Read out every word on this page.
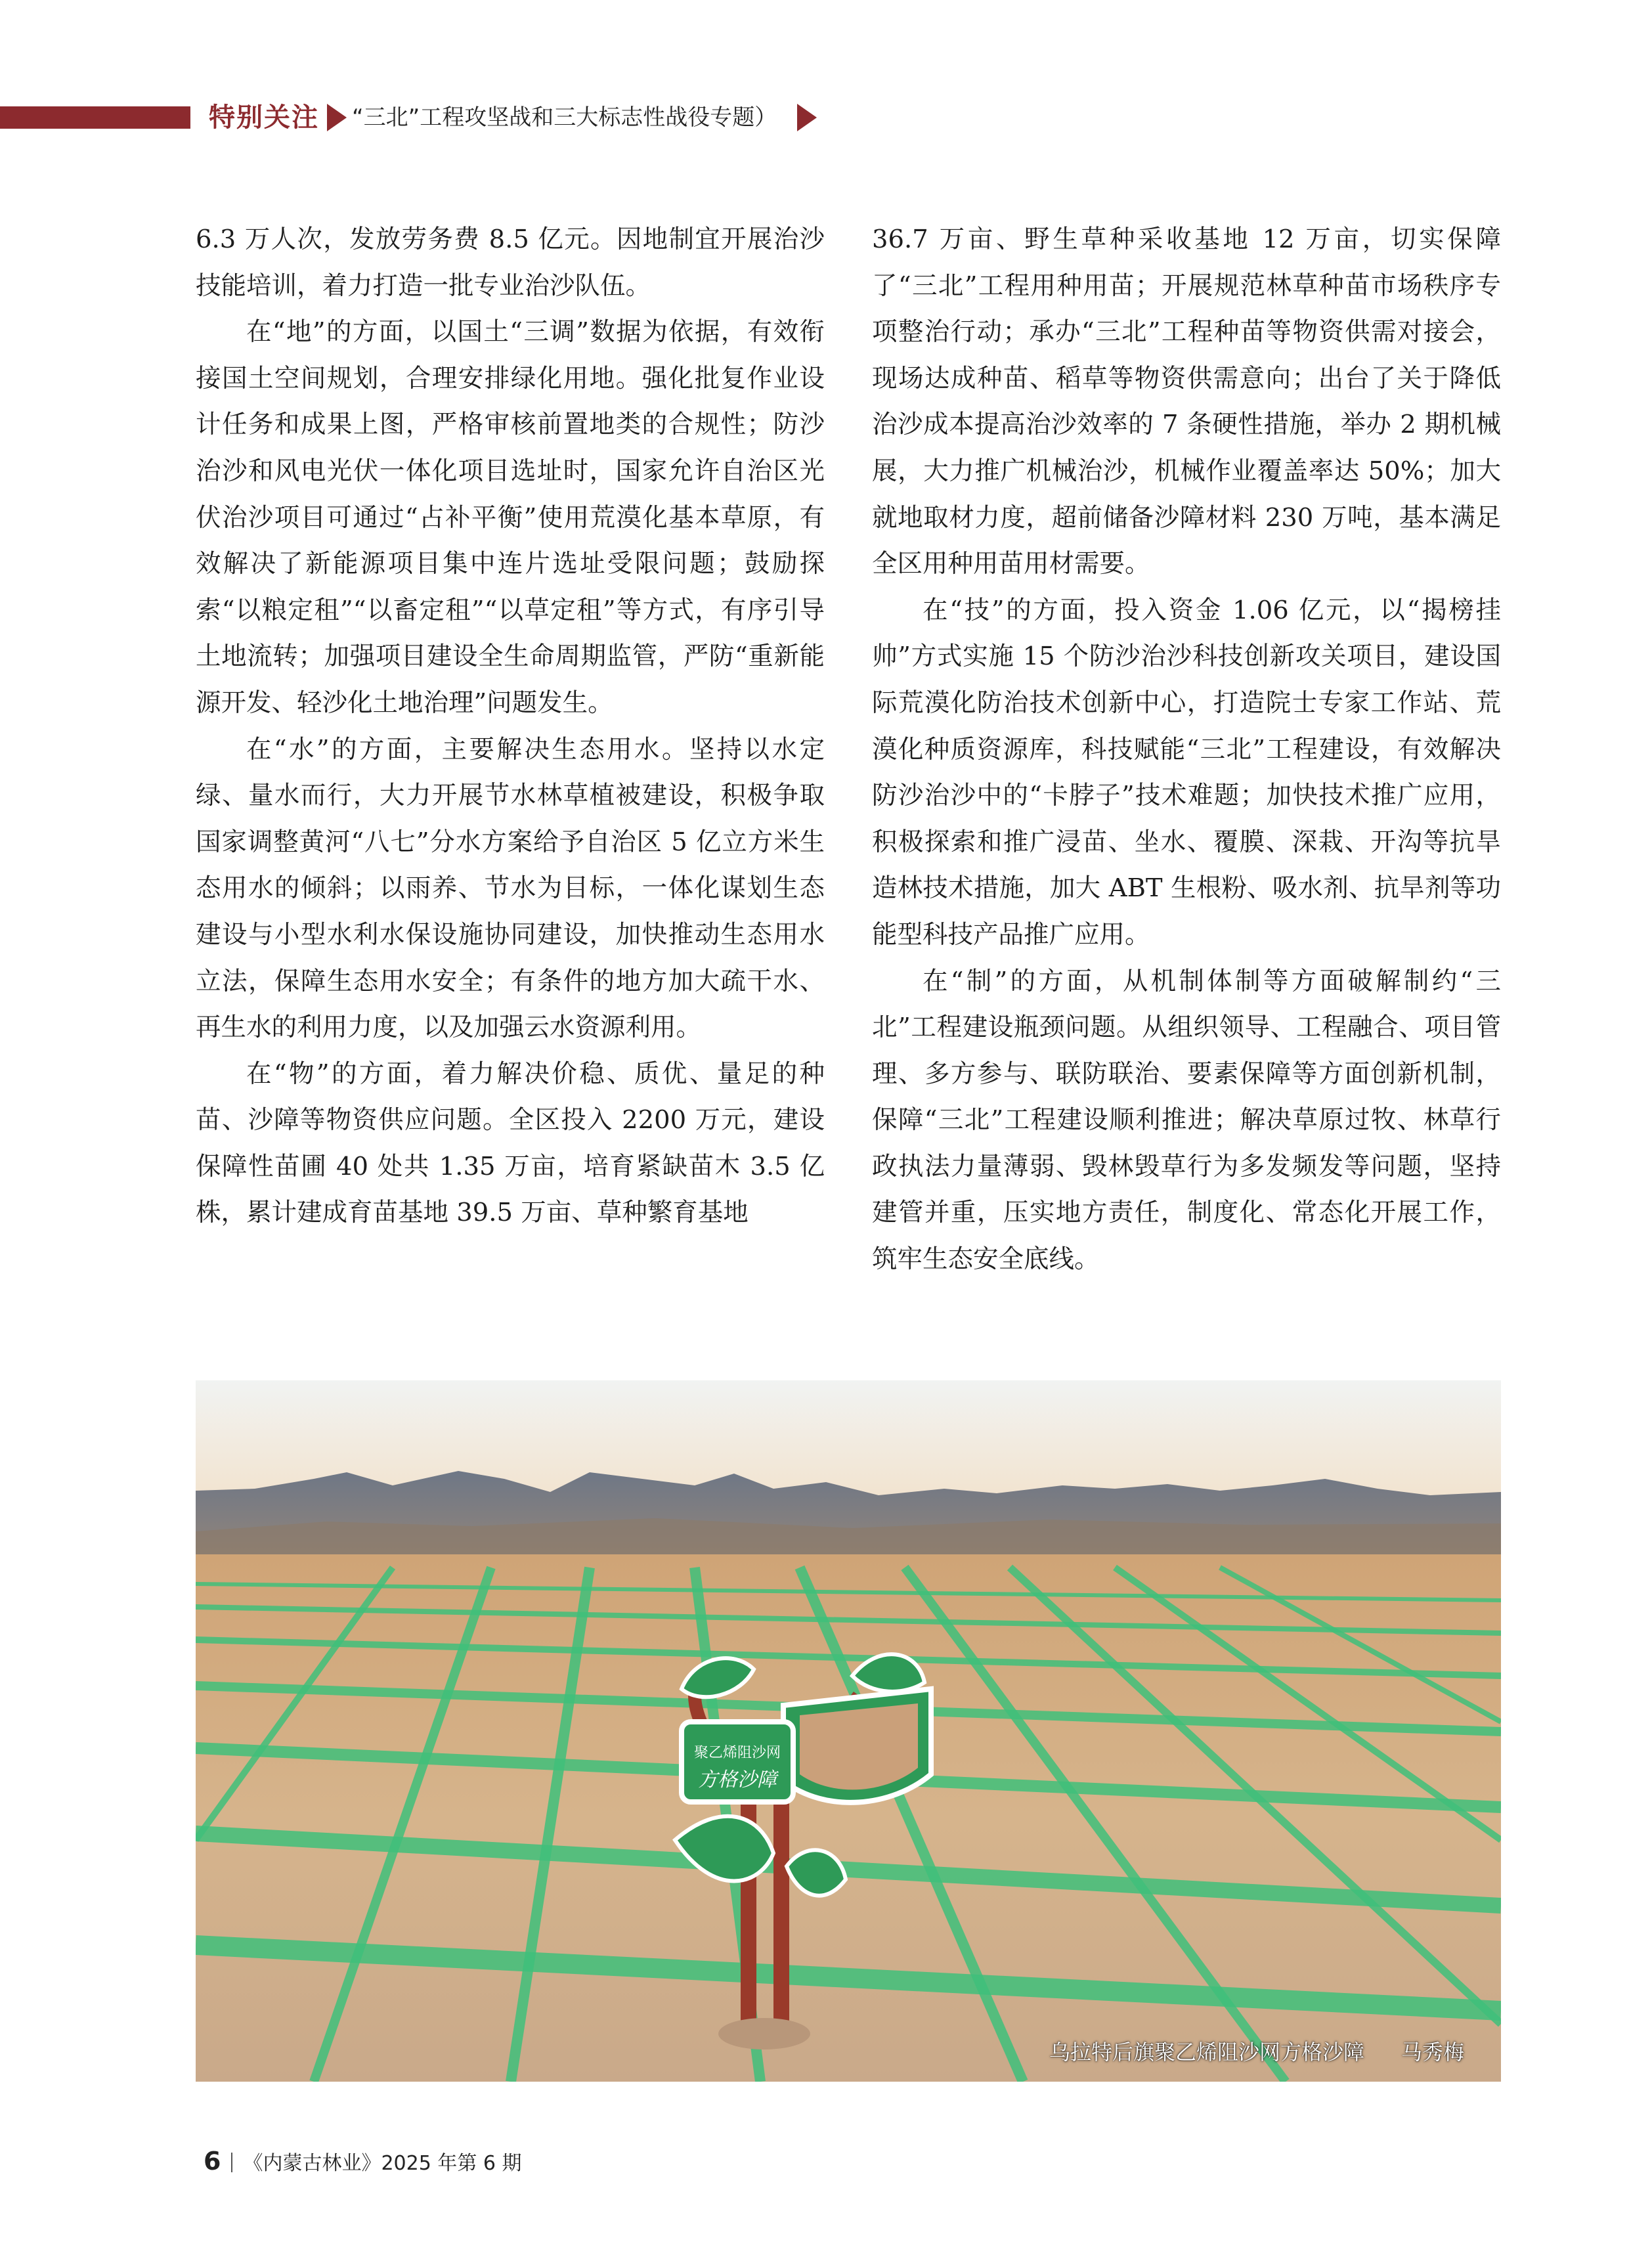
特别关注 “三北”工程攻坚战和三大标志性战役专题）

6.3 万人次，发放劳务费 8.5 亿元。因地制宜开展治沙技能培训，着力打造一批专业治沙队伍。

在“地”的方面，以国土“三调”数据为依据，有效衔接国土空间规划，合理安排绿化用地。强化批复作业设计任务和成果上图，严格审核前置地类的合规性；防沙治沙和风电光伏一体化项目选址时，国家允许自治区光伏治沙项目可通过“占补平衡”使用荒漠化基本草原，有效解决了新能源项目集中连片选址受限问题；鼓励探索“以粮定租”“以畜定租”“以草定租”等方式，有序引导土地流转；加强项目建设全生命周期监管，严防“重新能源开发、轻沙化土地治理”问题发生。

在“水”的方面，主要解决生态用水。坚持以水定绿、量水而行，大力开展节水林草植被建设，积极争取国家调整黄河“八七”分水方案给予自治区 5 亿立方米生态用水的倾斜；以雨养、节水为目标，一体化谋划生态建设与小型水利水保设施协同建设，加快推动生态用水立法，保障生态用水安全；有条件的地方加大疏干水、再生水的利用力度，以及加强云水资源利用。

在“物”的方面，着力解决价稳、质优、量足的种苗、沙障等物资供应问题。全区投入 2200 万元，建设保障性苗圃 40 处共 1.35 万亩，培育紧缺苗木 3.5 亿株，累计建成育苗基地 39.5 万亩、草种繁育基地

36.7 万亩、野生草种采收基地 12 万亩，切实保障了“三北”工程用种用苗；开展规范林草种苗市场秩序专项整治行动；承办“三北”工程种苗等物资供需对接会，现场达成种苗、稻草等物资供需意向；出台了关于降低治沙成本提高治沙效率的 7 条硬性措施，举办 2 期机械展，大力推广机械治沙，机械作业覆盖率达 50%；加大就地取材力度，超前储备沙障材料 230 万吨，基本满足全区用种用苗用材需要。

在“技”的方面，投入资金 1.06 亿元，以“揭榜挂帅”方式实施 15 个防沙治沙科技创新攻关项目，建设国际荒漠化防治技术创新中心，打造院士专家工作站、荒漠化种质资源库，科技赋能“三北”工程建设，有效解决防沙治沙中的“卡脖子”技术难题；加快技术推广应用，积极探索和推广浸苗、坐水、覆膜、深栽、开沟等抗旱造林技术措施，加大 ABT 生根粉、吸水剂、抗旱剂等功能型科技产品推广应用。

在“制”的方面，从机制体制等方面破解制约“三北”工程建设瓶颈问题。从组织领导、工程融合、项目管理、多方参与、联防联治、要素保障等方面创新机制，保障“三北”工程建设顺利推进；解决草原过牧、林草行政执法力量薄弱、毁林毁草行为多发频发等问题，坚持建管并重，压实地方责任，制度化、常态化开展工作，筑牢生态安全底线。

聚乙烯阻沙网
方格沙障
乌拉特后旗聚乙烯阻沙网方格沙障 马秀梅
6 《内蒙古林业》2025 年第 6 期
